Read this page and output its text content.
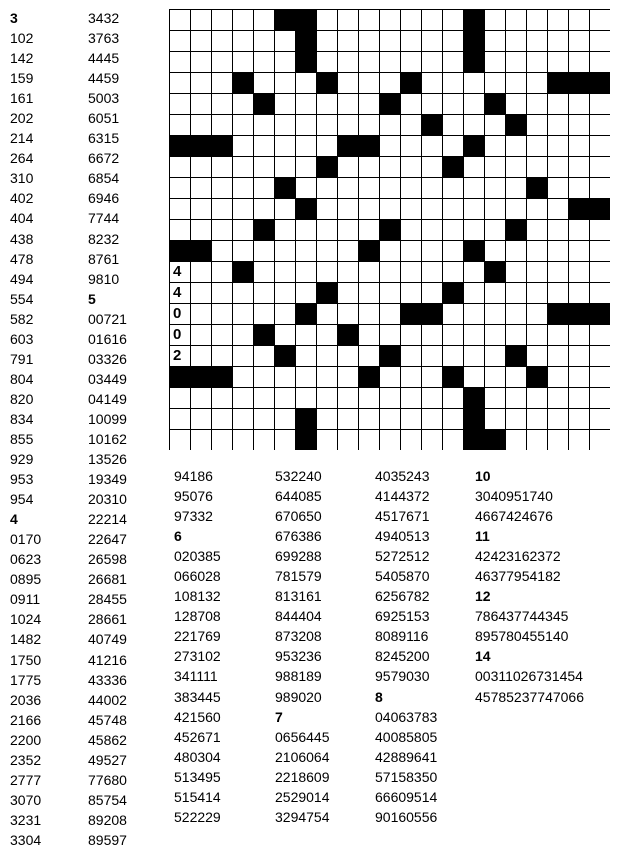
4
4
0
0
2
3
102
142
159
161
202
214
264
310
402
404
438
478
494
554
582
603
791
804
820
834
855
929
953
954
4
0170
0623
0895
0911
1024
1482
1750
1775
2036
2166
2200
2352
2777
3070
3231
3304
3432
3763
4445
4459
5003
6051
6315
6672
6854
6946
7744
8232
8761
9810
5
00721
01616
03326
03449
04149
10099
10162
13526
19349
20310
22214
22647
26598
26681
28455
28661
40749
41216
43336
44002
45748
45862
49527
77680
85754
89208
89597
94186
95076
97332
6
020385
066028
108132
128708
221769
273102
341111
383445
421560
452671
480304
513495
515414
522229
532240
644085
670650
676386
699288
781579
813161
844404
873208
953236
988189
989020
7
0656445
2106064
2218609
2529014
3294754
4035243
4144372
4517671
4940513
5272512
5405870
6256782
6925153
8089116
8245200
9579030
8
04063783
40085805
42889641
57158350
66609514
90160556
10
3040951740
4667424676
11
42423162372
46377954182
12
786437744345
895780455140
14
00311026731454
45785237747066
